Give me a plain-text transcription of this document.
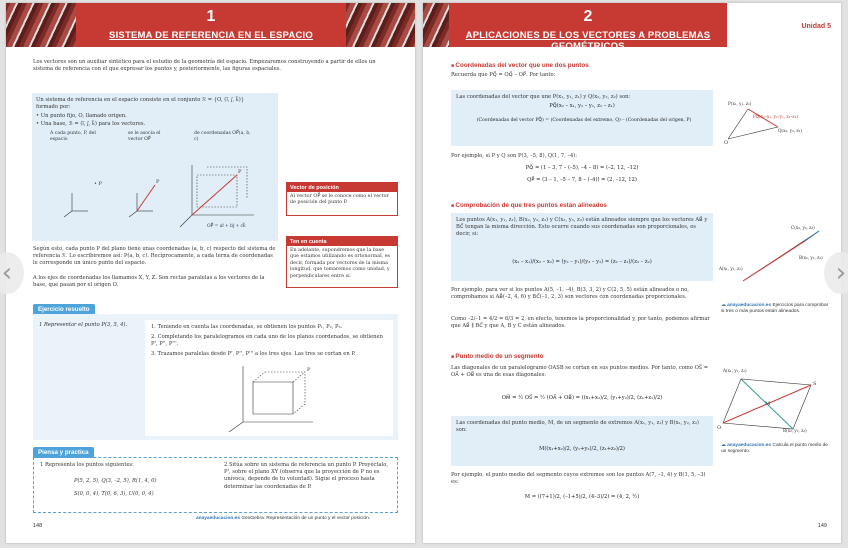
1
SISTEMA DE REFERENCIA EN EL ESPACIO
Los vectores son un auxiliar sintético para el estudio de la geometría del espacio. Empezaremos construyendo a partir de ellos un sistema de referencia con el que expresar los puntos y, posteriormente, las figuras espaciales.
Un sistema de referencia en el espacio consiste en el conjunto ℛ = {O, (i⃗, j⃗, k⃗)}
formado por:
• Un punto fijo, O, llamado origen.
• Una base, ℬ = (i⃗, j⃗, k⃗) para los vectores.
A cada punto, P, del espacio
se le asocia el vector OP⃗
de coordenadas OP⃗(a, b, c)
• P	P
P
OP⃗ = ai⃗ + bj⃗ + ck⃗
Vector de posición
Al vector OP⃗ se le conoce como el vector de posición del punto P.
Ten en cuenta
En adelante, supondremos que la base que estamos utilizando es ortonormal, es decir, formada por vectores de la misma longitud, que tomaremos como unidad, y perpendiculares entre sí.
Según esto, cada punto P del plano tiene unas coordenadas (a, b, c) respecto del sistema de referencia ℛ. Lo escribiremos así: P(a, b, c). Recíprocamente, a cada terna de coordenadas le corresponde un único punto del espacio.
A los ejes de coordenadas los llamamos X, Y, Z. Son rectas paralelas a los vectores de la base, que pasan por el origen O.
Ejercicio resuelto
1 Representar el punto P(3, 5, 4).	1. Teniendo en cuenta las coordenadas, se obtienen los puntos P₁, P₂, P₃.
2. Completando los paralelogramos en cada uno de los planos coordenados, se obtienen P', P'', P'''.
3. Trazamos paralelas desde P', P'', P''' a los tres ejes. Las tres se cortan en P.
P
Piensa y practica
1 Representa los puntos siguientes:
P(5, 2, 5), Q(3, –2, 5), R(1, 4, 0)
S(0, 0, 4), T(0, 6, 3), U(0, 0, 4)
2 Sitúa sobre un sistema de referencia un punto P. Proyéctalo, P', sobre el plano XY (observa que la proyección de P no es unívoca, depende de tu voluntad). Sigue el proceso hasta determinar las coordenadas de P.
anayaeducacion.es GeoGebra. Representación de un punto y el vector posición.
148
2
APLICACIONES DE LOS VECTORES A PROBLEMAS GEOMÉTRICOS
Unidad 5
■ Coordenadas del vector que une dos puntos
Recuerda que PQ⃗ = OQ⃗ – OP⃗. Por tanto:
Las coordenadas del vector que une P(x₁, y₁, z₁) y Q(x₂, y₂, z₂) son:
PQ⃗(x₂ – x₁, y₂ – y₁, z₂ – z₁)
(Coordenadas del vector PQ⃗) = (Coordenadas del extremo, Q) – (Coordenadas del origen, P)
O
P(x₁, y₁, z₁)
Q(x₂, y₂, z₂)
PQ⃗(x₂–x₁, y₂–y₁, z₂–z₁)
Por ejemplo, si P y Q son P(3, –5, 8), Q(1, 7, –4):
PQ⃗ = (1 – 3, 7 – (–5), –4 – 8) = (–2, 12, –12)
QP⃗ = (3 – 1, –5 – 7, 8 – (–4)) = (2, –12, 12)
■ Comprobación de que tres puntos están alineados
Los puntos A(x₁, y₁, z₁), B(x₂, y₂, z₂) y C(x₃, y₃, z₃) están alineados siempre que los vectores AB⃗ y BC⃗ tengan la misma dirección. Esto ocurre cuando sus coordenadas son proporcionales, es decir, si:
(x₂ – x₁)/(x₃ – x₂) = (y₂ – y₁)/(y₃ – y₂) = (z₂ – z₁)/(z₃ – z₂)
C(x₃, y₃, z₃)
B(x₂, y₂, z₂)
A(x₁, y₁, z₁)
Por ejemplo, para ver si los puntos A(5, –1, –4), B(3, 3, 2) y C(2, 5, 5) están alineados o no, comprobamos si AB⃗(–2, 4, 6) y BC⃗(–1, 2, 3) son vectores con coordenadas proporcionales.
Como –2/–1 = 4/2 = 6/3 = 2, en efecto, tenemos la proporcionalidad y, por tanto, podemos afirmar que AB⃗ ∥ BC⃗ y que A, B y C están alineados.
☁ anayaeducacion.es Ejercicios para comprobar si tres o más puntos están alineados.
■ Punto medio de un segmento
Las diagonales de un paralelogramo OASB se cortan en sus puntos medios. Por tanto, como OS⃗ = OA⃗ + OB⃗ es una de esas diagonales:
OM⃗ = ½ OS⃗ = ½ (OA⃗ + OB⃗) = ((x₁+x₂)/2, (y₁+y₂)/2, (z₁+z₂)/2)
O
S
M
A(x₁, y₁, z₁)
B(x₂, y₂, z₂)
Las coordenadas del punto medio, M, de un segmento de extremos A(x₁, y₁, z₁) y B(x₂, y₂, z₂) son:
M((x₁+x₂)/2, (y₁+y₂)/2, (z₁+z₂)/2)
☁ anayaeducacion.es Calcula el punto medio de un segmento.
Por ejemplo, el punto medio del segmento cuyos extremos son los puntos A(7, –1, 4) y B(1, 5, –3) es:
M = ((7+1)/2, (–1+5)/2, (4–3)/2) = (4, 2, ½)
149
‹	›
